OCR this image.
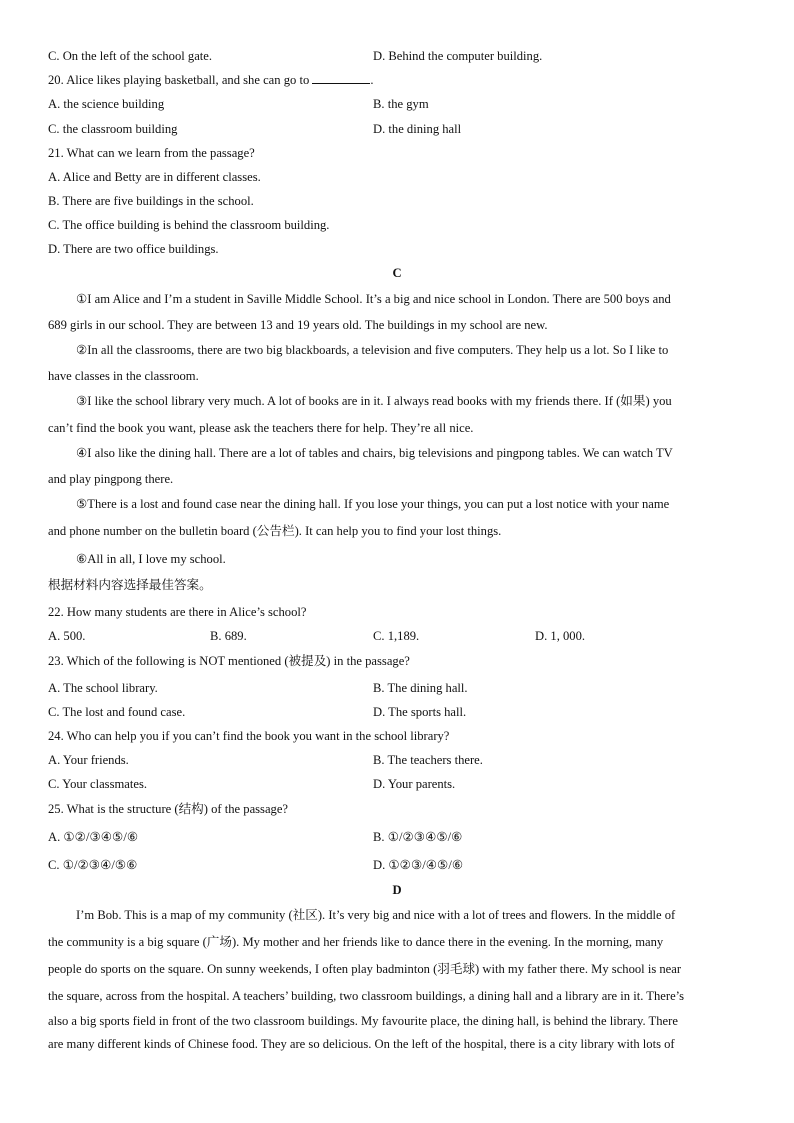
C. On the left of the school gate.	D. Behind the computer building.
20. Alice likes playing basketball, and she can go to	.
A. the science building	B. the gym
C. the classroom building	D. the dining hall
21. What can we learn from the passage?
A. Alice and Betty are in different classes.
B. There are five buildings in the school.
C. The office building is behind the classroom building.
D. There are two office buildings.
C
①I am Alice and I’m a student in Saville Middle School. It’s a big and nice school in London. There are 500 boys and
689 girls in our school. They are between 13 and 19 years old. The buildings in my school are new.
②In all the classrooms, there are two big blackboards, a television and five computers. They help us a lot. So I like to
have classes in the classroom.
③I like the school library very much. A lot of books are in it. I always read books with my friends there. If (如果) you
can’t find the book you want, please ask the teachers there for help. They’re all nice.
④I also like the dining hall. There are a lot of tables and chairs, big televisions and pingpong tables. We can watch TV
and play pingpong there.
⑤There is a lost and found case near the dining hall. If you lose your things, you can put a lost notice with your name
and phone number on the bulletin board (公告栏). It can help you to find your lost things.
⑥All in all, I love my school.
根据材料内容选择最佳答案。
22. How many students are there in Alice’s school?
A. 500.	B. 689.	C. 1,189.	D. 1, 000.
23. Which of the following is NOT mentioned (被提及) in the passage?
A. The school library.	B. The dining hall.
C. The lost and found case.	D. The sports hall.
24. Who can help you if you can’t find the book you want in the school library?
A. Your friends.	B. The teachers there.
C. Your classmates.	D. Your parents.
25. What is the structure (结构) of the passage?
A. ①②/③④⑤/⑥	B. ①/②③④⑤/⑥
C. ①/②③④/⑤⑥	D. ①②③/④⑤/⑥
D
I’m Bob. This is a map of my community (社区). It’s very big and nice with a lot of trees and flowers. In the middle of
the community is a big square (广场). My mother and her friends like to dance there in the evening. In the morning, many
people do sports on the square. On sunny weekends, I often play badminton (羽毛球) with my father there. My school is near
the square, across from the hospital. A teachers’ building, two classroom buildings, a dining hall and a library are in it. There’s
also a big sports field in front of the two classroom buildings. My favourite place, the dining hall, is behind the library. There
are many different kinds of Chinese food. They are so delicious. On the left of the hospital, there is a city library with lots of
